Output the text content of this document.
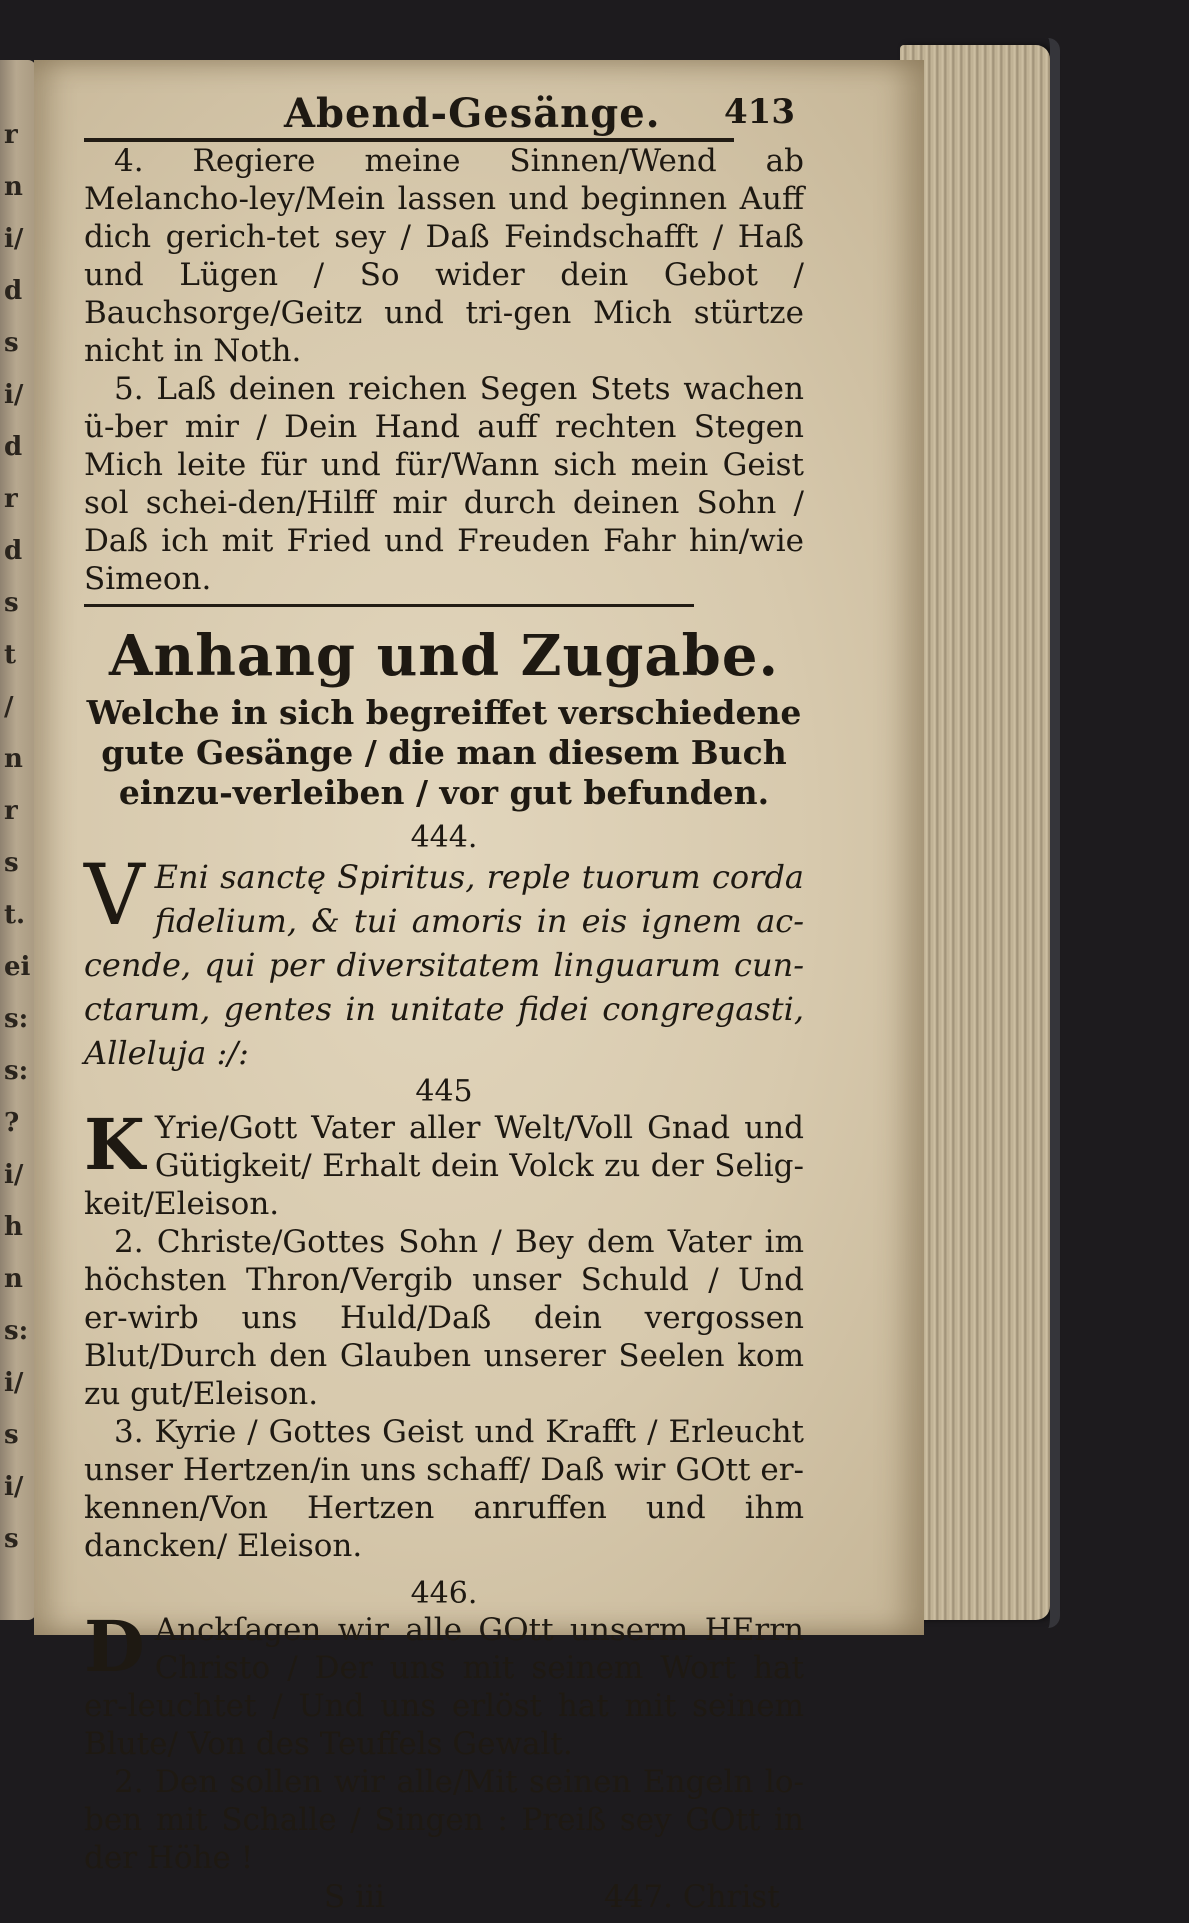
r
n
i/
d
s
i/
d
r
d
s
t
/
n
r
s
t.
ei
s:
s:
?
i/
h
n
s:
i/
s
i/
s
Abend-Gesänge. 413

4. Regiere meine Sinnen/Wend ab Melancho-ley/Mein lassen und beginnen Auff dich gerich-tet sey / Daß Feindschafft / Haß und Lügen / So wider dein Gebot / Bauchsorge/Geitz und tri-gen Mich stürtze nicht in Noth.

5. Laß deinen reichen Segen Stets wachen ü-ber mir / Dein Hand auff rechten Stegen Mich leite für und für/Wann sich mein Geist sol schei-den/Hilff mir durch deinen Sohn / Daß ich mit Fried und Freuden Fahr hin/wie Simeon.

Anhang und Zugabe.

Welche in sich begreiffet verschiedene gute Gesänge / die man diesem Buch einzu-verleiben / vor gut befunden.

444.

V Eni sanctę Spiritus, reple tuorum corda fidelium, & tui amoris in eis ignem ac-cende, qui per diversitatem linguarum cun-ctarum, gentes in unitate fidei congregasti, Alleluja :/:

445

K Yrie/Gott Vater aller Welt/Voll Gnad und Gütigkeit/ Erhalt dein Volck zu der Selig-keit/Eleison.

2. Christe/Gottes Sohn / Bey dem Vater im höchsten Thron/Vergib unser Schuld / Und er-wirb uns Huld/Daß dein vergossen Blut/Durch den Glauben unserer Seelen kom zu gut/Eleison.

3. Kyrie / Gottes Geist und Krafft / Erleucht unser Hertzen/in uns schaff/ Daß wir GOtt er-kennen/Von Hertzen anruffen und ihm dancken/ Eleison.

446.

D Anckſagen wir alle GOtt unserm HErrn Christo / Der uns mit seinem Wort hat er-leuchtet / Und uns erlöst hat mit seinem Blute/ Von des Teuffels Gewalt.

2. Den sollen wir alle/Mit seinen Engeln lo-ben mit Schalle / Singen : Preiß sey GOtt in der Höhe !

S iii	447. Christ
